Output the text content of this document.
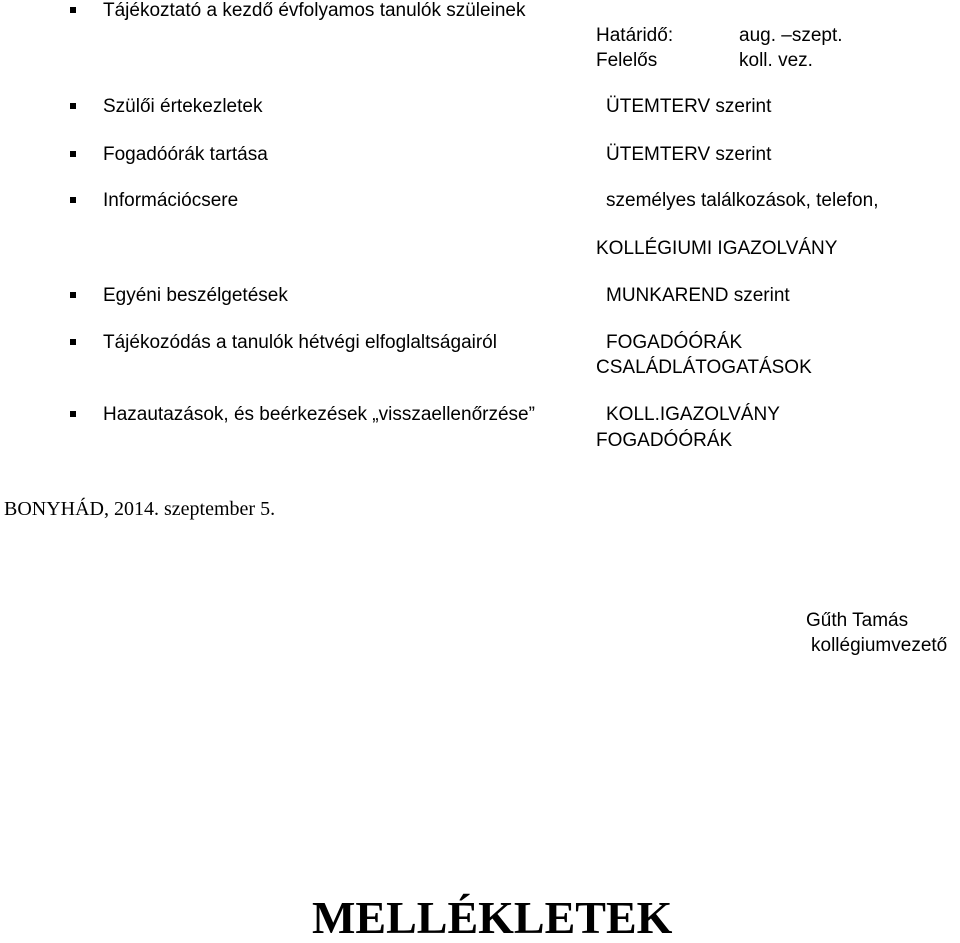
Tájékoztató a kezdő évfolyamos tanulók szüleinek
Határidő:	aug. –szept.
Felelős	koll. vez.
Szülői értekezletek	ÜTEMTERV szerint
Fogadóórák tartása	ÜTEMTERV szerint
Információcsere	személyes találkozások, telefon,
KOLLÉGIUMI IGAZOLVÁNY
Egyéni beszélgetések	MUNKAREND szerint
Tájékozódás a tanulók hétvégi elfoglaltságairól	FOGADÓÓRÁK
CSALÁDLÁTOGATÁSOK
Hazautazások, és beérkezések „visszaellenőrzése”	KOLL.IGAZOLVÁNY
FOGADÓÓRÁK
BONYHÁD, 2014. szeptember 5.
Gűth Tamás
kollégiumvezető
MELLÉKLETEK
